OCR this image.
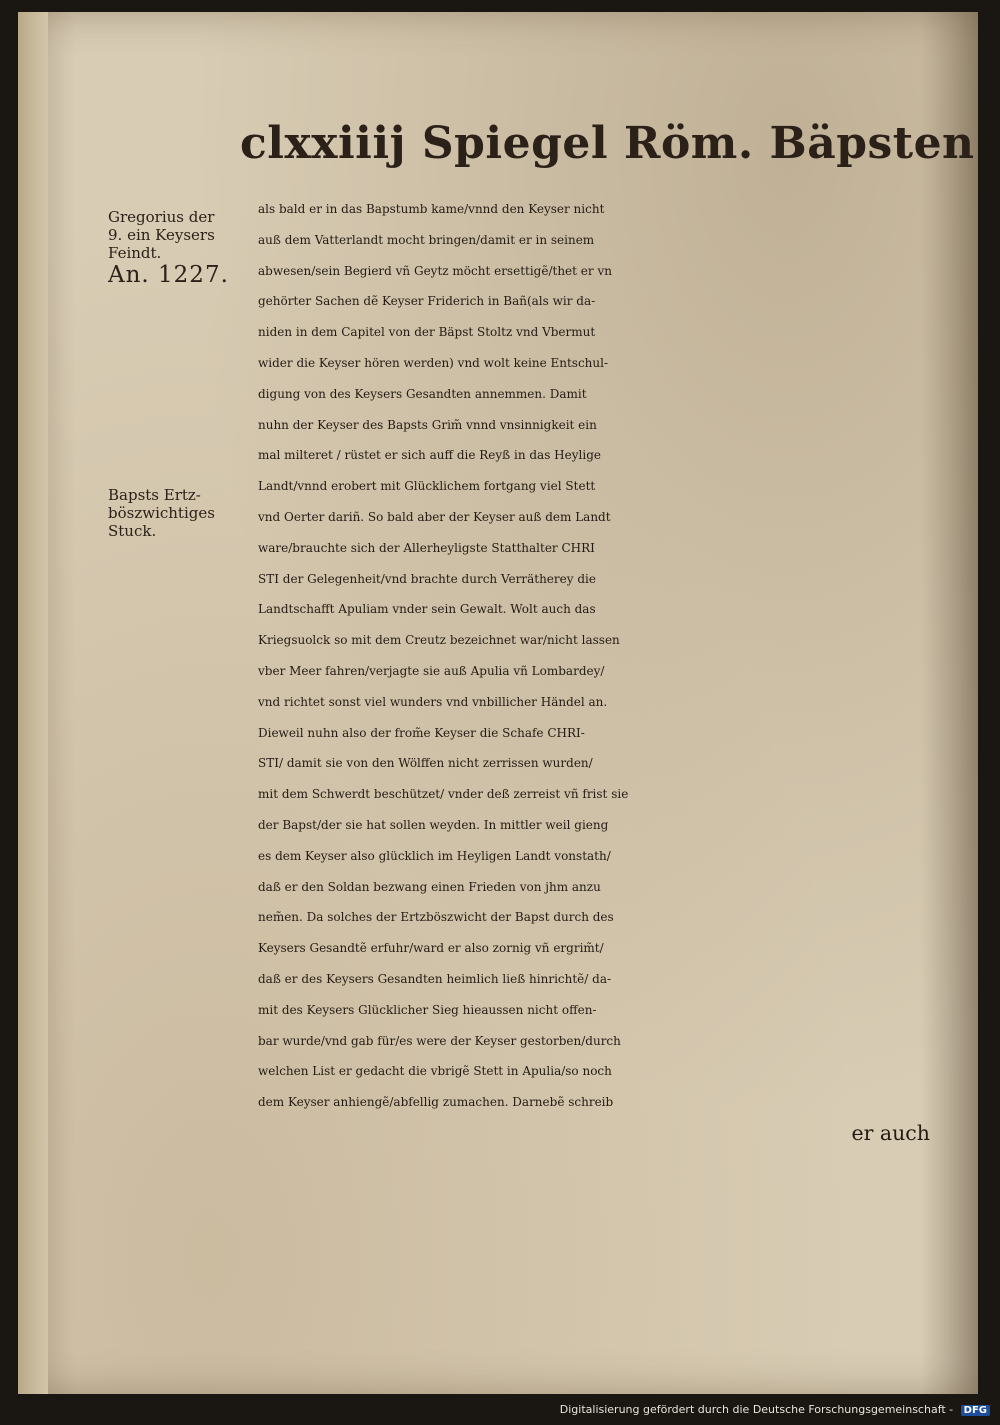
clxxiiij Spiegel Röm. Bäpsten
Gregorius der
9. ein Keysers
Feindt.
An. 1227.
Bapsts Ertz-
böszwichtiges
Stuck.
als bald er in das Bapstumb kame/vnnd den Keyser nicht
auß dem Vatterlandt mocht bringen/damit er in seinem
abwesen/sein Begierd vñ Geytz möcht ersettigẽ/thet er vn
gehörter Sachen dẽ Keyser Friderich in Bañ(als wir da-
niden in dem Capitel von der Bäpst Stoltz vnd Vbermut
wider die Keyser hören werden) vnd wolt keine Entschul-
digung von des Keysers Gesandten annemmen. Damit
nuhn der Keyser des Bapsts Grim̃ vnnd vnsinnigkeit ein
mal milteret / rüstet er sich auff die Reyß in das Heylige
Landt/vnnd erobert mit Glücklichem fortgang viel Stett
vnd Oerter dariñ. So bald aber der Keyser auß dem Landt
ware/brauchte sich der Allerheyligste Statthalter CHRI
STI der Gelegenheit/vnd brachte durch Verrätherey die
Landtschafft Apuliam vnder sein Gewalt. Wolt auch das
Kriegsuolck so mit dem Creutz bezeichnet war/nicht lassen
vber Meer fahren/verjagte sie auß Apulia vñ Lombardey/
vnd richtet sonst viel wunders vnd vnbillicher Händel an.
Dieweil nuhn also der from̃e Keyser die Schafe CHRI-
STI/ damit sie von den Wölffen nicht zerrissen wurden/
mit dem Schwerdt beschützet/ vnder deß zerreist vñ frist sie
der Bapst/der sie hat sollen weyden. In mittler weil gieng
es dem Keyser also glücklich im Heyligen Landt vonstath/
daß er den Soldan bezwang einen Frieden von jhm anzu
nem̃en. Da solches der Ertzböszwicht der Bapst durch des
Keysers Gesandtẽ erfuhr/ward er also zornig vñ ergrim̃t/
daß er des Keysers Gesandten heimlich ließ hinrichtẽ/ da-
mit des Keysers Glücklicher Sieg hieaussen nicht offen-
bar wurde/vnd gab für/es were der Keyser gestorben/durch
welchen List er gedacht die vbrigẽ Stett in Apulia/so noch
dem Keyser anhiengẽ/abfellig zumachen. Darnebẽ schreib
er auch
Digitalisierung gefördert durch die Deutsche Forschungsgemeinschaft - DFG
